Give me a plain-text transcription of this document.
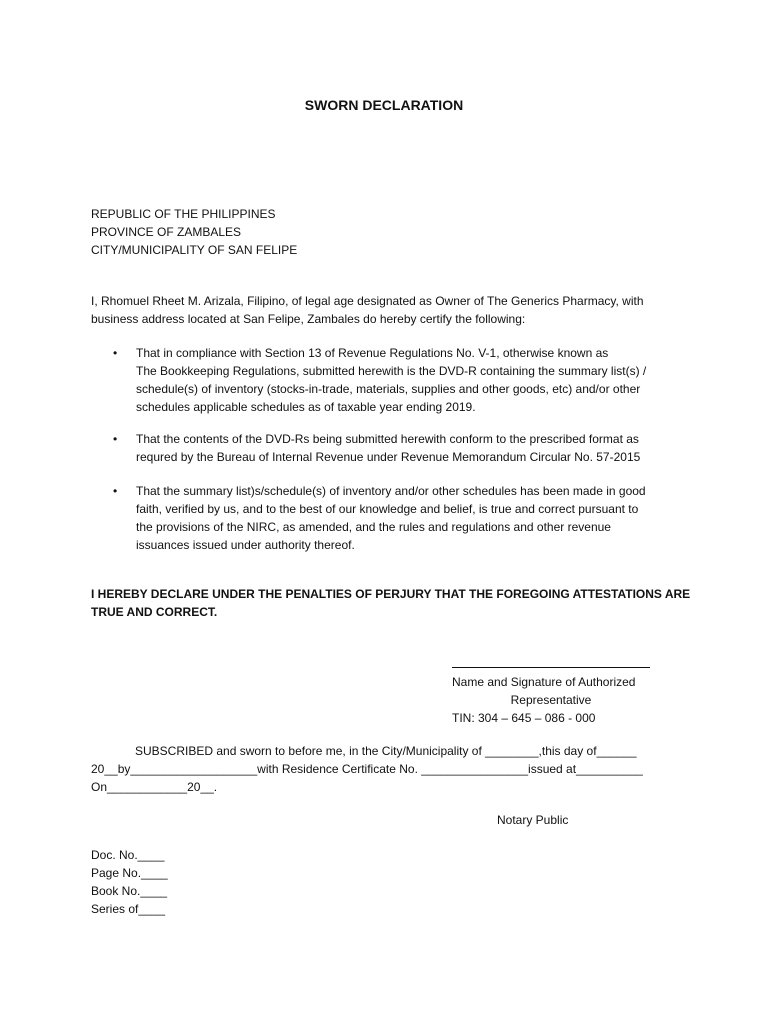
SWORN DECLARATION
REPUBLIC OF THE PHILIPPINES
PROVINCE OF ZAMBALES
CITY/MUNICIPALITY OF SAN FELIPE
I, Rhomuel Rheet M. Arizala, Filipino, of legal age designated as Owner of The Generics Pharmacy, with
business address located at San Felipe, Zambales do hereby certify the following:
• That in compliance with Section 13 of Revenue Regulations No. V-1, otherwise known as
The Bookkeeping Regulations, submitted herewith is the DVD-R containing the summary list(s) /
schedule(s) of inventory (stocks-in-trade, materials, supplies and other goods, etc) and/or other
schedules applicable schedules as of taxable year ending 2019.
• That the contents of the DVD-Rs being submitted herewith conform to the prescribed format as
requred by the Bureau of Internal Revenue under Revenue Memorandum Circular No. 57-2015
• That the summary list)s/schedule(s) of inventory and/or other schedules has been made in good
faith, verified by us, and to the best of our knowledge and belief, is true and correct pursuant to
the provisions of the NIRC, as amended, and the rules and regulations and other revenue
issuances issued under authority thereof.
I HEREBY DECLARE UNDER THE PENALTIES OF PERJURY THAT THE FOREGOING ATTESTATIONS ARE
TRUE AND CORRECT.
Name and Signature of Authorized
Representative
TIN: 304 – 645 – 086 - 000
SUBSCRIBED and sworn to before me, in the City/Municipality of ________,this day of______
20__by___________________with Residence Certificate No. ________________issued at__________
On____________20__.
Notary Public
Doc. No.____
Page No.____
Book No.____
Series of____
